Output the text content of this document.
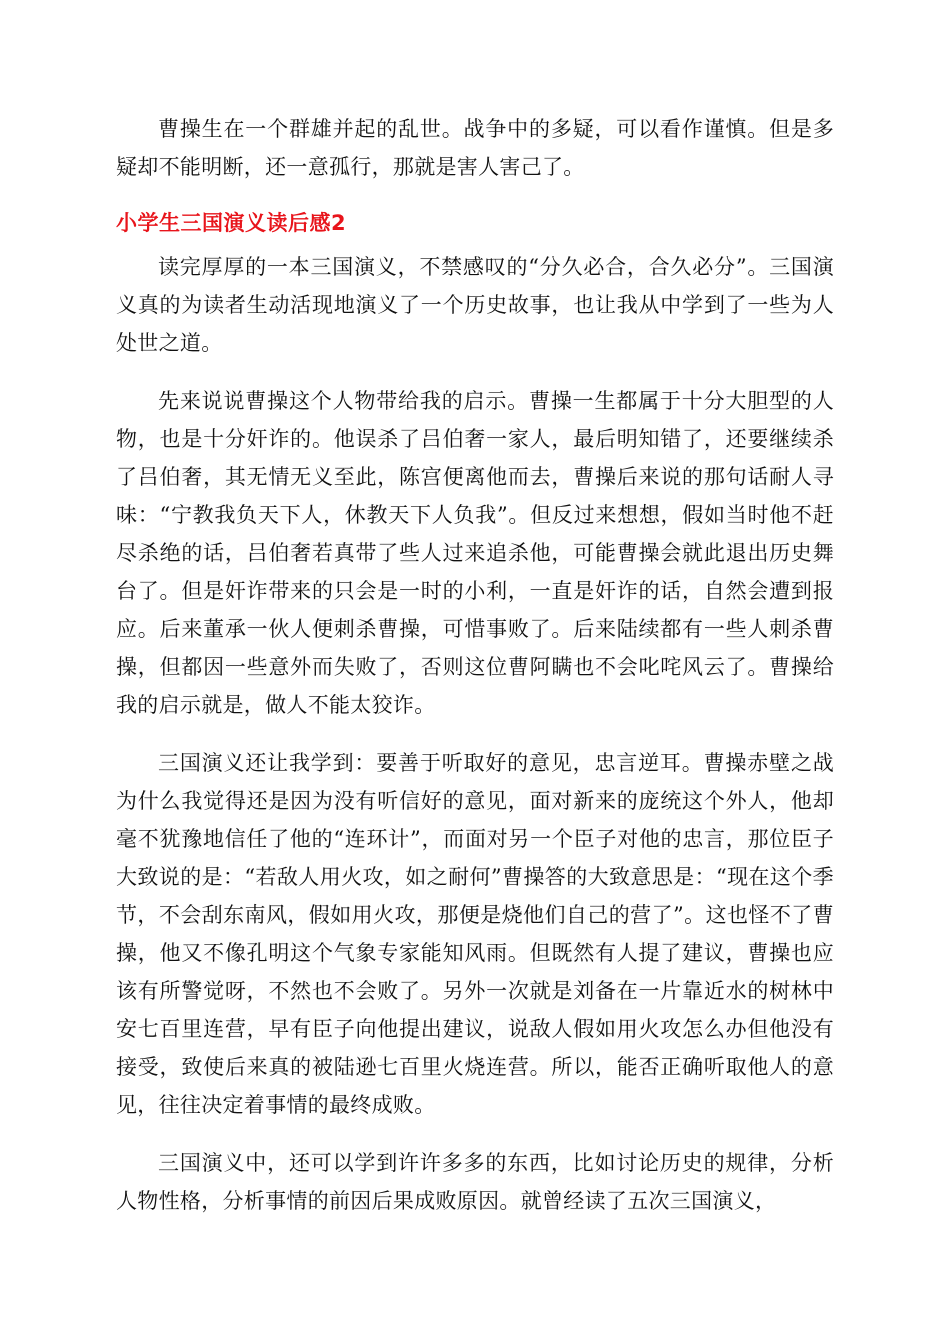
曹操生在一个群雄并起的乱世。战争中的多疑，可以看作谨慎。但是多疑却不能明断，还一意孤行，那就是害人害己了。

小学生三国演义读后感2

读完厚厚的一本三国演义，不禁感叹的“分久必合，合久必分”。三国演义真的为读者生动活现地演义了一个历史故事，也让我从中学到了一些为人处世之道。

先来说说曹操这个人物带给我的启示。曹操一生都属于十分大胆型的人物，也是十分奸诈的。他误杀了吕伯奢一家人，最后明知错了，还要继续杀了吕伯奢，其无情无义至此，陈宫便离他而去，曹操后来说的那句话耐人寻味：“宁教我负天下人，休教天下人负我”。但反过来想想，假如当时他不赶尽杀绝的话，吕伯奢若真带了些人过来追杀他，可能曹操会就此退出历史舞台了。但是奸诈带来的只会是一时的小利，一直是奸诈的话，自然会遭到报应。后来董承一伙人便刺杀曹操，可惜事败了。后来陆续都有一些人刺杀曹操，但都因一些意外而失败了，否则这位曹阿瞒也不会叱咤风云了。曹操给我的启示就是，做人不能太狡诈。

三国演义还让我学到：要善于听取好的意见，忠言逆耳。曹操赤壁之战为什么我觉得还是因为没有听信好的意见，面对新来的庞统这个外人，他却毫不犹豫地信任了他的“连环计”，而面对另一个臣子对他的忠言，那位臣子大致说的是：“若敌人用火攻，如之耐何”曹操答的大致意思是：“现在这个季节，不会刮东南风，假如用火攻，那便是烧他们自己的营了”。这也怪不了曹操，他又不像孔明这个气象专家能知风雨。但既然有人提了建议，曹操也应该有所警觉呀，不然也不会败了。另外一次就是刘备在一片靠近水的树林中安七百里连营，早有臣子向他提出建议，说敌人假如用火攻怎么办但他没有接受，致使后来真的被陆逊七百里火烧连营。所以，能否正确听取他人的意见，往往决定着事情的最终成败。

三国演义中，还可以学到许许多多的东西，比如讨论历史的规律，分析人物性格，分析事情的前因后果成败原因。就曾经读了五次三国演义，
